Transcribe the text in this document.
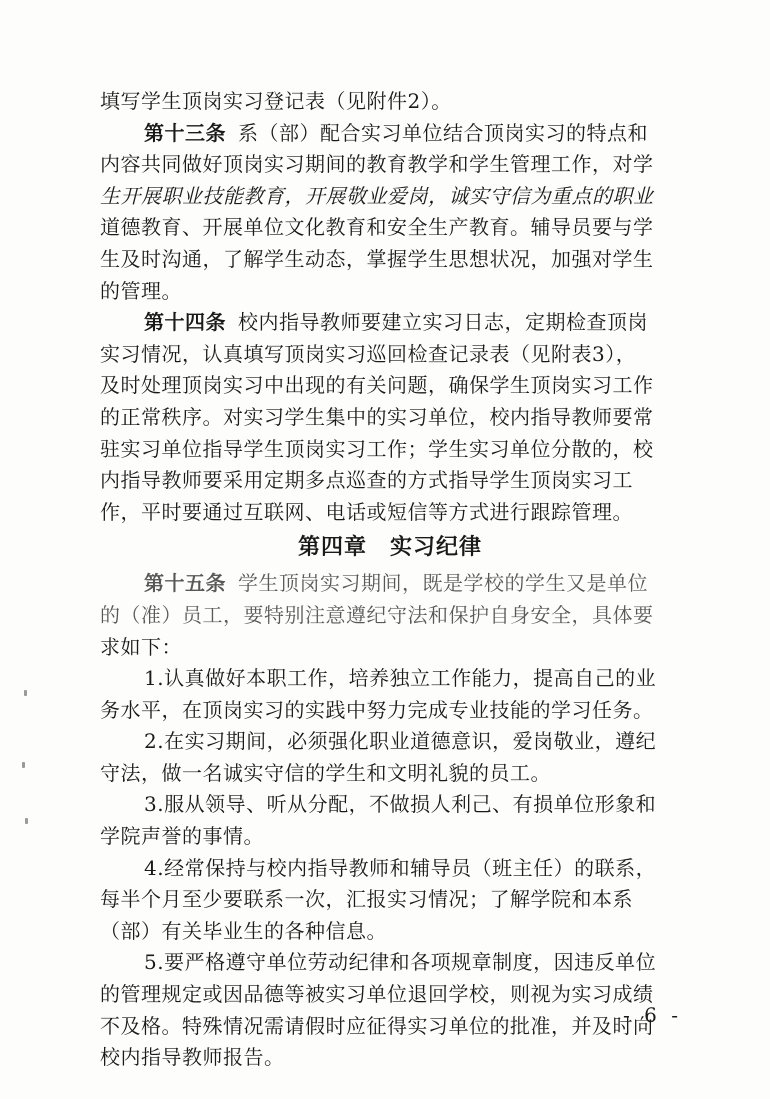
填写学生顶岗实习登记表（见附件2）。
第十三条 系（部）配合实习单位结合顶岗实习的特点和
内容共同做好顶岗实习期间的教育教学和学生管理工作，对学
生开展职业技能教育，开展敬业爱岗，诚实守信为重点的职业
道德教育、开展单位文化教育和安全生产教育。辅导员要与学
生及时沟通，了解学生动态，掌握学生思想状况，加强对学生
的管理。
第十四条 校内指导教师要建立实习日志，定期检查顶岗
实习情况，认真填写顶岗实习巡回检查记录表（见附表3），
及时处理顶岗实习中出现的有关问题，确保学生顶岗实习工作
的正常秩序。对实习学生集中的实习单位，校内指导教师要常
驻实习单位指导学生顶岗实习工作；学生实习单位分散的，校
内指导教师要采用定期多点巡查的方式指导学生顶岗实习工
作，平时要通过互联网、电话或短信等方式进行跟踪管理。
第四章　实习纪律
第十五条 学生顶岗实习期间，既是学校的学生又是单位
的（准）员工，要特别注意遵纪守法和保护自身安全，具体要
求如下：
1.认真做好本职工作，培养独立工作能力，提高自己的业
务水平，在顶岗实习的实践中努力完成专业技能的学习任务。
2.在实习期间，必须强化职业道德意识，爱岗敬业，遵纪
守法，做一名诚实守信的学生和文明礼貌的员工。
3.服从领导、听从分配，不做损人利己、有损单位形象和
学院声誉的事情。
4.经常保持与校内指导教师和辅导员（班主任）的联系，
每半个月至少要联系一次，汇报实习情况；了解学院和本系
（部）有关毕业生的各种信息。
5.要严格遵守单位劳动纪律和各项规章制度，因违反单位
的管理规定或因品德等被实习单位退回学校，则视为实习成绩
不及格。特殊情况需请假时应征得实习单位的批准，并及时向
校内指导教师报告。
- 6 -
